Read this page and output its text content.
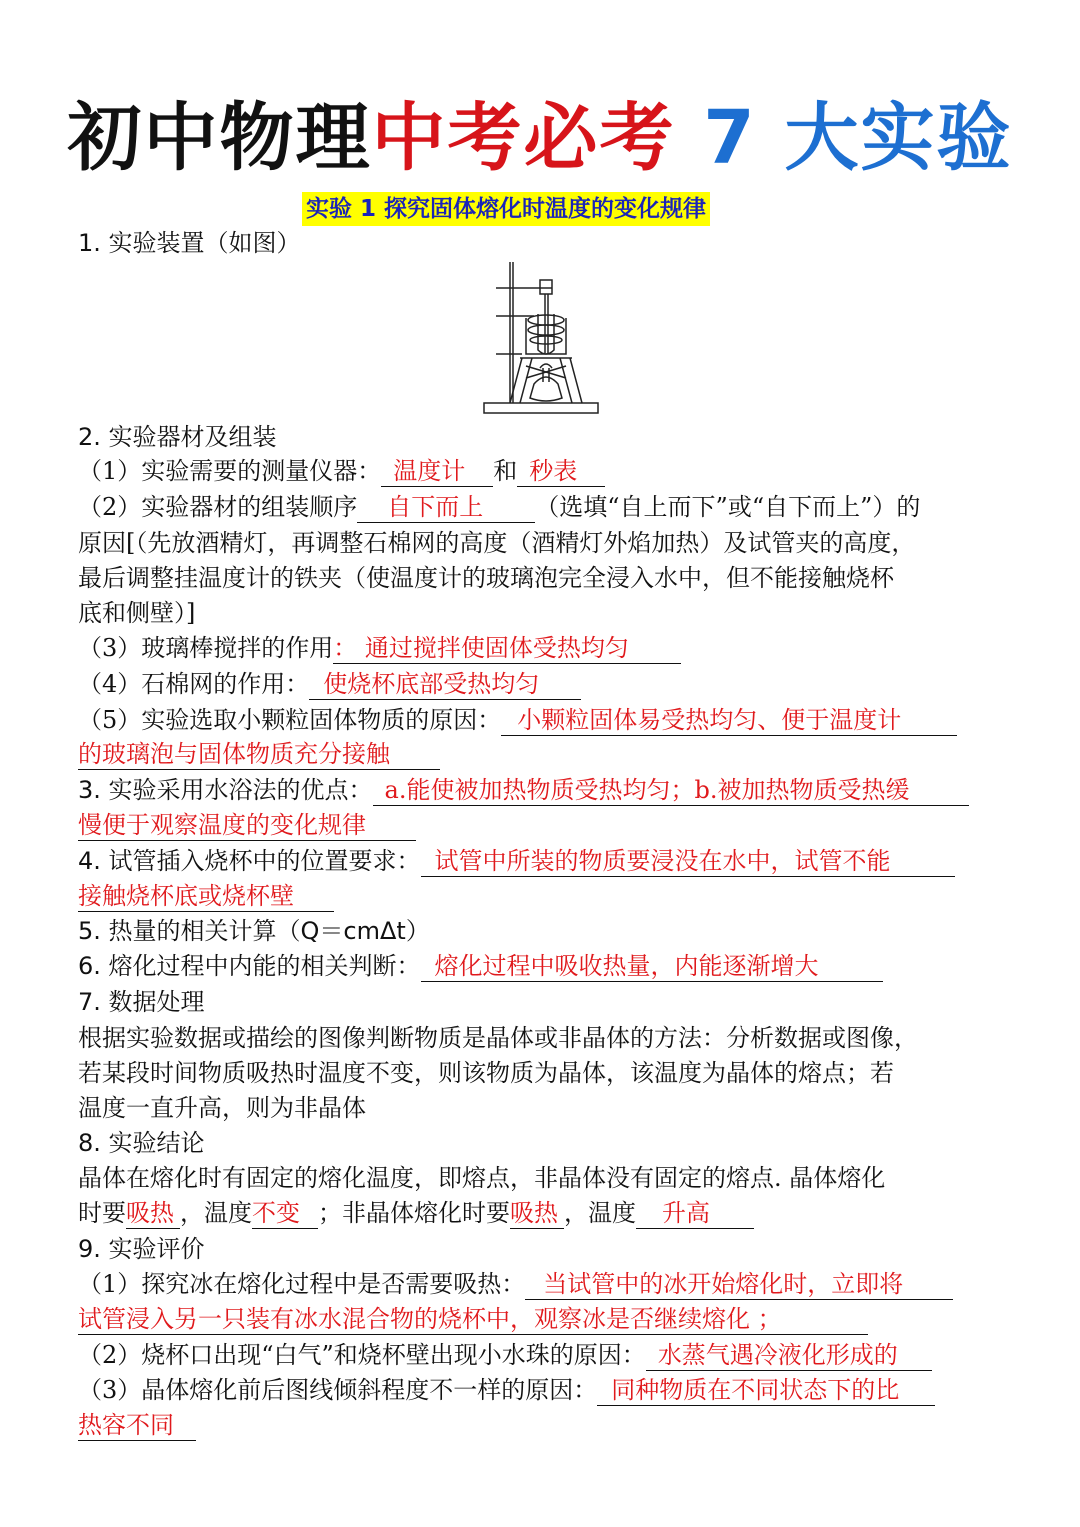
初中物理中考必考 7 大实验
实验 1 探究固体熔化时温度的变化规律
1. 实验装置（如图）
2. 实验器材及组装
（1）实验需要的测量仪器： 温度计 和 秒表
（2）实验器材的组装顺序 自下而上 （选填“自上而下”或“自下而上”）的
原因[（先放酒精灯，再调整石棉网的高度（酒精灯外焰加热）及试管夹的高度，
最后调整挂温度计的铁夹（使温度计的玻璃泡完全浸入水中，但不能接触烧杯
底和侧壁）]
（3）玻璃棒搅拌的作用： 通过搅拌使固体受热均匀
（4）石棉网的作用： 使烧杯底部受热均匀
（5）实验选取小颗粒固体物质的原因： 小颗粒固体易受热均匀、便于温度计
的玻璃泡与固体物质充分接触
3. 实验采用水浴法的优点： a.能使被加热物质受热均匀；b.被加热物质受热缓
慢便于观察温度的变化规律
4. 试管插入烧杯中的位置要求： 试管中所装的物质要浸没在水中，试管不能
接触烧杯底或烧杯壁
5. 热量的相关计算（Q＝cmΔt）
6. 熔化过程中内能的相关判断： 熔化过程中吸收热量，内能逐渐增大
7. 数据处理
根据实验数据或描绘的图像判断物质是晶体或非晶体的方法：分析数据或图像，
若某段时间物质吸热时温度不变，则该物质为晶体，该温度为晶体的熔点；若
温度一直升高，则为非晶体
8. 实验结论
晶体在熔化时有固定的熔化温度，即熔点，非晶体没有固定的熔点. 晶体熔化
时要吸热 ，温度不变 ；非晶体熔化时要吸热 ，温度 升高
9. 实验评价
（1）探究冰在熔化过程中是否需要吸热： 当试管中的冰开始熔化时，立即将
试管浸入另一只装有冰水混合物的烧杯中，观察冰是否继续熔化 ；
（2）烧杯口出现“白气”和烧杯壁出现小水珠的原因： 水蒸气遇冷液化形成的
（3）晶体熔化前后图线倾斜程度不一样的原因： 同种物质在不同状态下的比
热容不同
